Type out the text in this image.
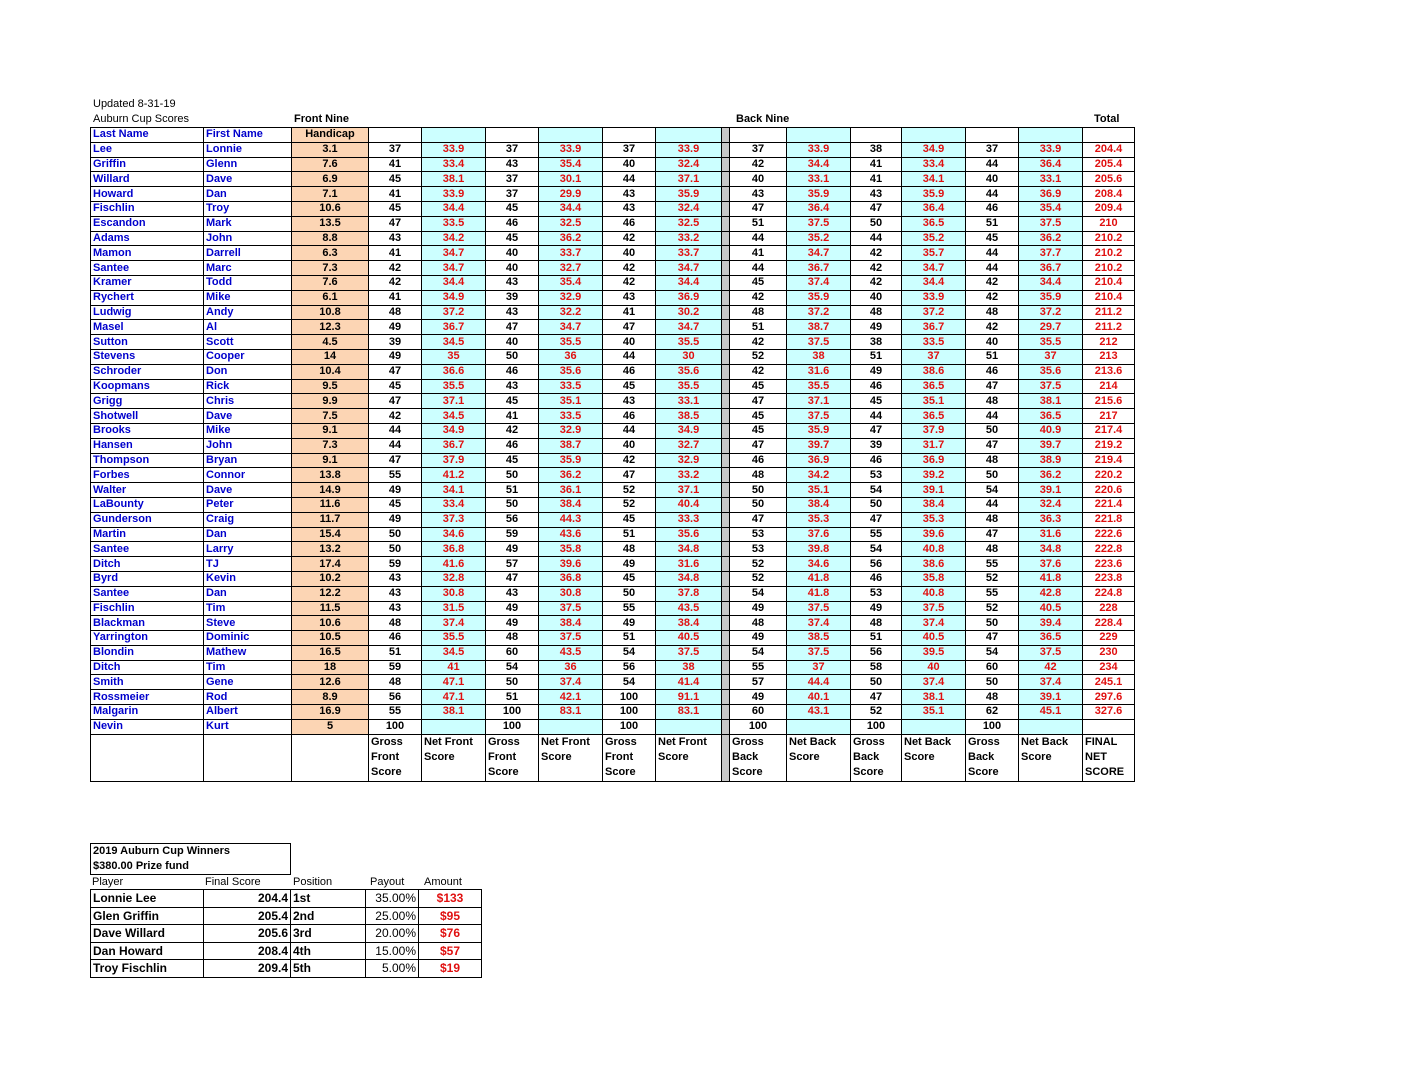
Updated 8-31-19
Auburn Cup Scores	Front Nine	Back Nine	Total
Last Name	First Name	Handicap														
Lee	Lonnie	3.1	37	33.9	37	33.9	37	33.9		37	33.9	38	34.9	37	33.9	204.4
Griffin	Glenn	7.6	41	33.4	43	35.4	40	32.4		42	34.4	41	33.4	44	36.4	205.4
Willard	Dave	6.9	45	38.1	37	30.1	44	37.1		40	33.1	41	34.1	40	33.1	205.6
Howard	Dan	7.1	41	33.9	37	29.9	43	35.9		43	35.9	43	35.9	44	36.9	208.4
Fischlin	Troy	10.6	45	34.4	45	34.4	43	32.4		47	36.4	47	36.4	46	35.4	209.4
Escandon	Mark	13.5	47	33.5	46	32.5	46	32.5		51	37.5	50	36.5	51	37.5	210
Adams	John	8.8	43	34.2	45	36.2	42	33.2		44	35.2	44	35.2	45	36.2	210.2
Mamon	Darrell	6.3	41	34.7	40	33.7	40	33.7		41	34.7	42	35.7	44	37.7	210.2
Santee	Marc	7.3	42	34.7	40	32.7	42	34.7		44	36.7	42	34.7	44	36.7	210.2
Kramer	Todd	7.6	42	34.4	43	35.4	42	34.4		45	37.4	42	34.4	42	34.4	210.4
Rychert	Mike	6.1	41	34.9	39	32.9	43	36.9		42	35.9	40	33.9	42	35.9	210.4
Ludwig	Andy	10.8	48	37.2	43	32.2	41	30.2		48	37.2	48	37.2	48	37.2	211.2
Masel	Al	12.3	49	36.7	47	34.7	47	34.7		51	38.7	49	36.7	42	29.7	211.2
Sutton	Scott	4.5	39	34.5	40	35.5	40	35.5		42	37.5	38	33.5	40	35.5	212
Stevens	Cooper	14	49	35	50	36	44	30		52	38	51	37	51	37	213
Schroder	Don	10.4	47	36.6	46	35.6	46	35.6		42	31.6	49	38.6	46	35.6	213.6
Koopmans	Rick	9.5	45	35.5	43	33.5	45	35.5		45	35.5	46	36.5	47	37.5	214
Grigg	Chris	9.9	47	37.1	45	35.1	43	33.1		47	37.1	45	35.1	48	38.1	215.6
Shotwell	Dave	7.5	42	34.5	41	33.5	46	38.5		45	37.5	44	36.5	44	36.5	217
Brooks	Mike	9.1	44	34.9	42	32.9	44	34.9		45	35.9	47	37.9	50	40.9	217.4
Hansen	John	7.3	44	36.7	46	38.7	40	32.7		47	39.7	39	31.7	47	39.7	219.2
Thompson	Bryan	9.1	47	37.9	45	35.9	42	32.9		46	36.9	46	36.9	48	38.9	219.4
Forbes	Connor	13.8	55	41.2	50	36.2	47	33.2		48	34.2	53	39.2	50	36.2	220.2
Walter	Dave	14.9	49	34.1	51	36.1	52	37.1		50	35.1	54	39.1	54	39.1	220.6
LaBounty	Peter	11.6	45	33.4	50	38.4	52	40.4		50	38.4	50	38.4	44	32.4	221.4
Gunderson	Craig	11.7	49	37.3	56	44.3	45	33.3		47	35.3	47	35.3	48	36.3	221.8
Martin	Dan	15.4	50	34.6	59	43.6	51	35.6		53	37.6	55	39.6	47	31.6	222.6
Santee	Larry	13.2	50	36.8	49	35.8	48	34.8		53	39.8	54	40.8	48	34.8	222.8
Ditch	TJ	17.4	59	41.6	57	39.6	49	31.6		52	34.6	56	38.6	55	37.6	223.6
Byrd	Kevin	10.2	43	32.8	47	36.8	45	34.8		52	41.8	46	35.8	52	41.8	223.8
Santee	Dan	12.2	43	30.8	43	30.8	50	37.8		54	41.8	53	40.8	55	42.8	224.8
Fischlin	Tim	11.5	43	31.5	49	37.5	55	43.5		49	37.5	49	37.5	52	40.5	228
Blackman	Steve	10.6	48	37.4	49	38.4	49	38.4		48	37.4	48	37.4	50	39.4	228.4
Yarrington	Dominic	10.5	46	35.5	48	37.5	51	40.5		49	38.5	51	40.5	47	36.5	229
Blondin	Mathew	16.5	51	34.5	60	43.5	54	37.5		54	37.5	56	39.5	54	37.5	230
Ditch	Tim	18	59	41	54	36	56	38		55	37	58	40	60	42	234
Smith	Gene	12.6	48	47.1	50	37.4	54	41.4		57	44.4	50	37.4	50	37.4	245.1
Rossmeier	Rod	8.9	56	47.1	51	42.1	100	91.1		49	40.1	47	38.1	48	39.1	297.6
Malgarin	Albert	16.9	55	38.1	100	83.1	100	83.1		60	43.1	52	35.1	62	45.1	327.6
Nevin	Kurt	5	100		100		100			100		100		100		
			Gross Front Score	Net Front Score	Gross Front Score	Net Front Score	Gross Front Score	Net Front Score		Gross Back Score	Net Back Score	Gross Back Score	Net Back Score	Gross Back Score	Net Back Score	FINAL NET SCORE
2019 Auburn Cup Winners
$380.00 Prize fund
Player	Final Score	Position	Payout Amount
Lonnie Lee	204.4	1st	35.00%	$133
Glen Griffin	205.4	2nd	25.00%	$95
Dave Willard	205.6	3rd	20.00%	$76
Dan Howard	208.4	4th	15.00%	$57
Troy Fischlin	209.4	5th	5.00%	$19
